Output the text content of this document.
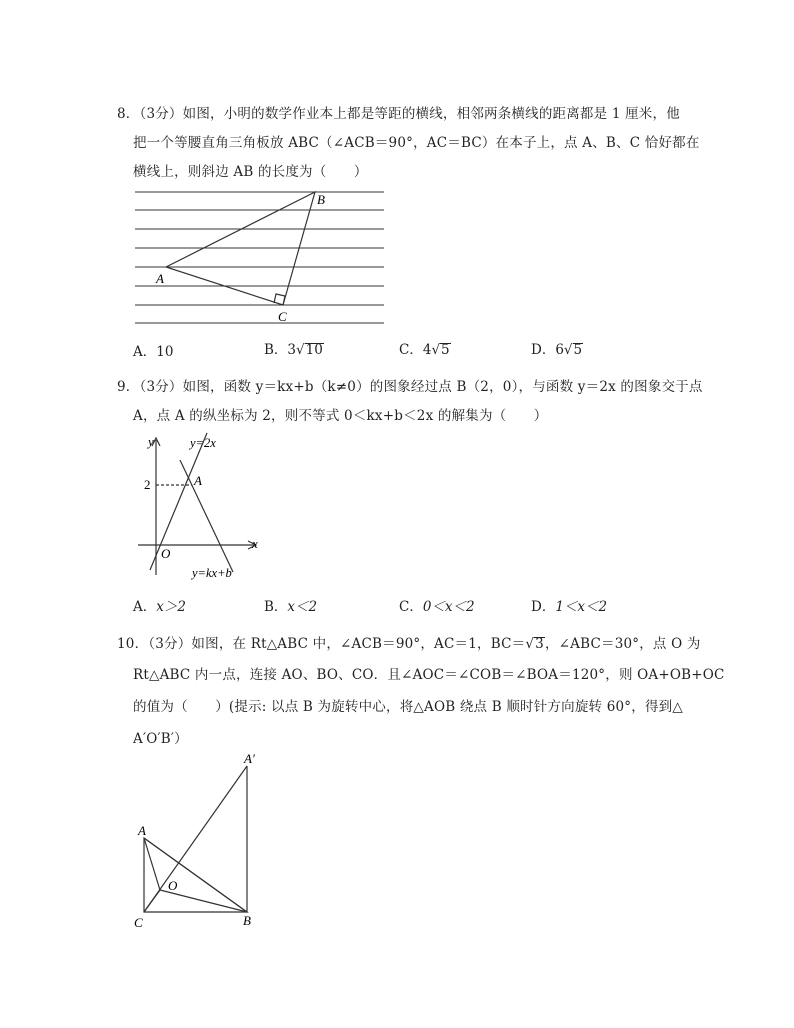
8．（3分）如图，小明的数学作业本上都是等距的横线，相邻两条横线的距离都是 1 厘米，他
把一个等腰直角三角板放 ABC（∠ACB＝90°，AC＝BC）在本子上，点 A、B、C 恰好都在
横线上，则斜边 AB 的长度为（　　）
B
A
C
A．10	B．3√10	C．4√5	D．6√5
9．（3分）如图，函数 y＝kx+b（k≠0）的图象经过点 B（2，0），与函数 y＝2x 的图象交于点
A，点 A 的纵坐标为 2，则不等式 0＜kx+b＜2x 的解集为（　　）
y
x
y=2x
y=kx+b
2	A
O
A．x＞2	B．x＜2	C．0＜x＜2	D．1＜x＜2
10．（3分）如图，在 Rt△ABC 中，∠ACB＝90°，AC＝1，BC＝√3，∠ABC＝30°，点 O 为
Rt△ABC 内一点，连接 AO、BO、CO．且∠AOC＝∠COB＝∠BOA＝120°，则 OA+OB+OC
的值为（　　）(提示: 以点 B 为旋转中心，将△AOB 绕点 B 顺时针方向旋转 60°，得到△
A′O′B′）
A′
A
O
C	B
